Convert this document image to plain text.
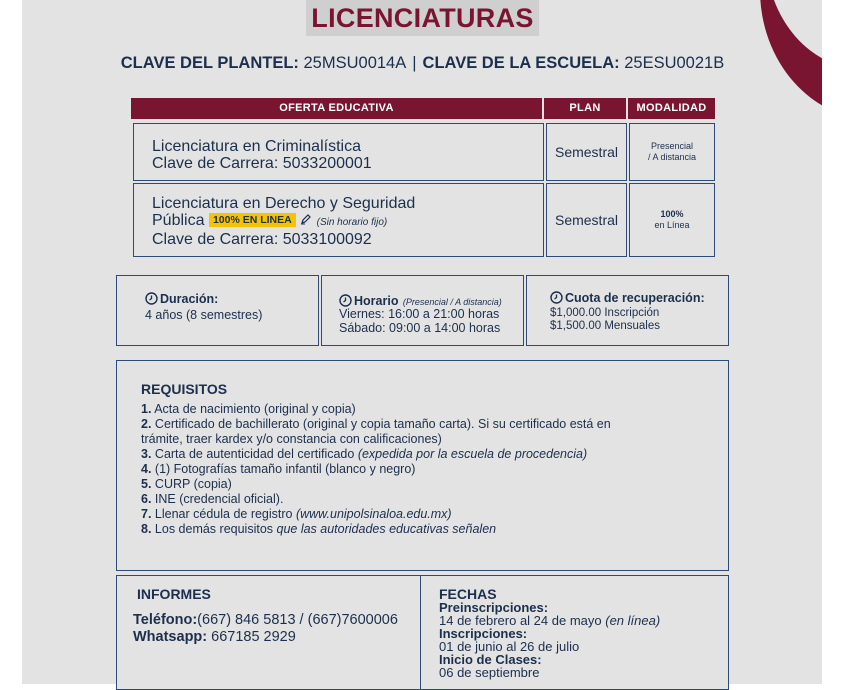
LICENCIATURAS
CLAVE DEL PLANTEL: 25MSU0014A | CLAVE DE LA ESCUELA: 25ESU0021B
OFERTA EDUCATIVA	PLAN	MODALIDAD
Licenciatura en Criminalística
Clave de Carrera: 5033200001
Semestral	Presencial
/ A distancia
Licenciatura en Derecho y Seguridad
Pública 100% EN LINEA (Sin horario fijo)
Clave de Carrera: 5033100092
Semestral	100%
en Línea
Duración:
4 años (8 semestres)
Horario (Presencial / A distancia)
Viernes: 16:00 a 21:00 horas
Sábado: 09:00 a 14:00 horas
Cuota de recuperación:
$1,000.00 Inscripción
$1,500.00 Mensuales
REQUISITOS
1. Acta de nacimiento (original y copia)
2. Certificado de bachillerato (original y copia tamaño carta). Si su certificado está en
trámite, traer kardex y/o constancia con calificaciones)
3. Carta de autenticidad del certificado (expedida por la escuela de procedencia)
4. (1) Fotografías tamaño infantil (blanco y negro)
5. CURP (copia)
6. INE (credencial oficial).
7. Llenar cédula de registro (www.unipolsinaloa.edu.mx)
8. Los demás requisitos que las autoridades educativas señalen
INFORMES
Teléfono:(667) 846 5813 / (667)7600006
Whatsapp: 667185 2929
FECHAS
Preinscripciones:
14 de febrero al 24 de mayo (en línea)
Inscripciones:
01 de junio al 26 de julio
Inicio de Clases:
06 de septiembre
